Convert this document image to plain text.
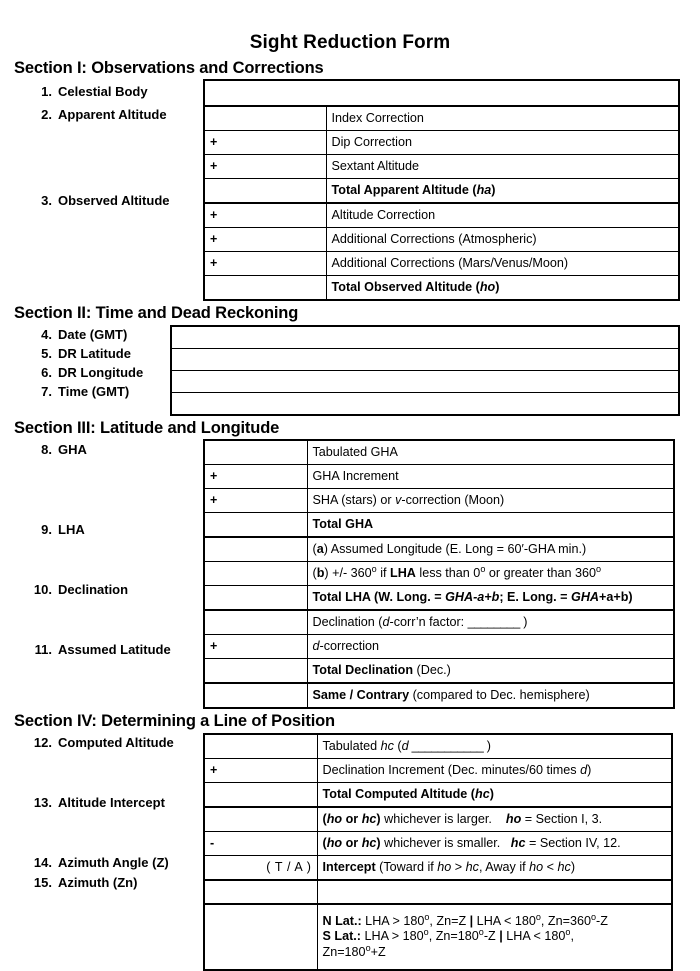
Sight Reduction Form
Section I: Observations and Corrections
1. Celestial Body
2. Apparent Altitude
3. Observed Altitude

	Index Correction
+	Dip Correction
+	Sextant Altitude
	Total Apparent Altitude (ha)
+	Altitude Correction
+	Additional Corrections (Atmospheric)
+	Additional Corrections (Mars/Venus/Moon)
	Total Observed Altitude (ho)
Section II: Time and Dead Reckoning
4. Date (GMT)
5. DR Latitude
6. DR Longitude
7. Time (GMT)

Section III: Latitude and Longitude
8. GHA
9. LHA
10. Declination
11. Assumed Latitude
	Tabulated GHA
+	GHA Increment
+	SHA (stars) or v-correction (Moon)
	Total GHA
	(a) Assumed Longitude (E. Long = 60′-GHA min.)
	(b) +/- 360$^o$ if LHA less than 0$^o$ or greater than 360$^o$
	Total LHA (W. Long. = GHA-a+b; E. Long. = GHA+a+b)
	Declination (d-corr’n factor: ________ )
+	d-correction
	Total Declination (Dec.)
	Same / Contrary (compared to Dec. hemisphere)
Section IV: Determining a Line of Position
12. Computed Altitude
13. Altitude Intercept
14. Azimuth Angle (Z)
15. Azimuth (Zn)
	Tabulated hc (d ___________ )
+	Declination Increment (Dec. minutes/60 times d)
	Total Computed Altitude (hc)
	(ho or hc) whichever is larger. ho = Section I, 3.
-	(ho or hc) whichever is smaller. hc = Section IV, 12.
( T / A )	Intercept (Toward if ho > hc, Away if ho < hc)

	N Lat.: LHA > $180^o$, Zn=Z | LHA < $180^o$, $Zn=360^o-Z$
S Lat.: LHA > $180^o$, $Zn=180^o-Z$ | LHA < $180^o$,
$Zn=180^o+Z$
